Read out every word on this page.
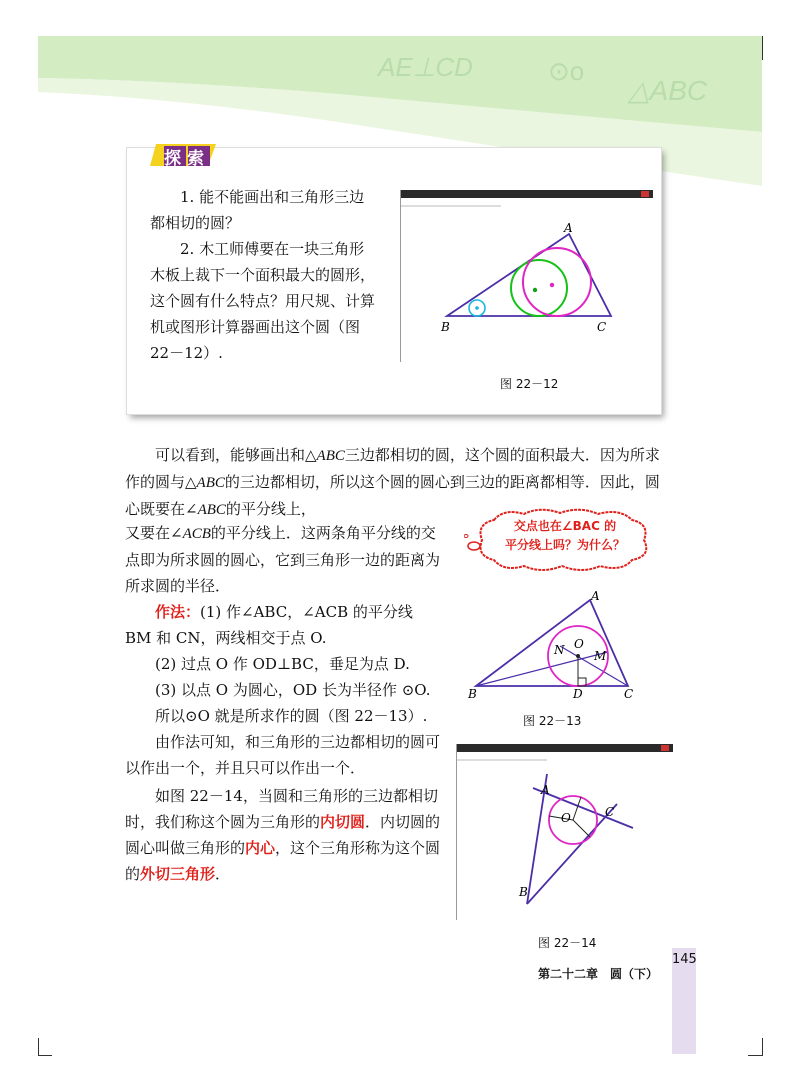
AE⊥CD	⊙o
△ABC
探索

1. 能不能画出和三角形三边都相切的圆？

2. 木工师傅要在一块三角形木板上裁下一个面积最大的圆形，这个圆有什么特点？用尺规、计算机或图形计算器画出这个圆（图 22－12）.

A
B	C
图 22－12

可以看到，能够画出和△ABC三边都相切的圆，这个圆的面积最大．因为所求作的圆与△ABC的三边都相切，所以这个圆的圆心到三边的距离都相等．因此，圆心既要在∠ABC的平分线上，

又要在∠ACB的平分线上．这两条角平分线的交点即为所求圆的圆心，它到三角形一边的距离为所求圆的半径．

作法：(1) 作∠ABC，∠ACB 的平分线 BM 和 CN，两线相交于点 O.

(2) 过点 O 作 OD⊥BC，垂足为点 D.

(3) 以点 O 为圆心，OD 长为半径作 ⊙O.

所以⊙O 就是所求作的圆（图 22－13）.

由作法可知，和三角形的三边都相切的圆可以作出一个，并且只可以作出一个．

如图 22－14，当圆和三角形的三边都相切时，我们称这个圆为三角形的内切圆．内切圆的圆心叫做三角形的内心，这个三角形称为这个圆的外切三角形．

交点也在∠BAC 的
平分线上吗？为什么？
A
B	C
D
N O
M
图 22－13
A
B
C
O
图 22－14
第二十二章　圆（下）
145
